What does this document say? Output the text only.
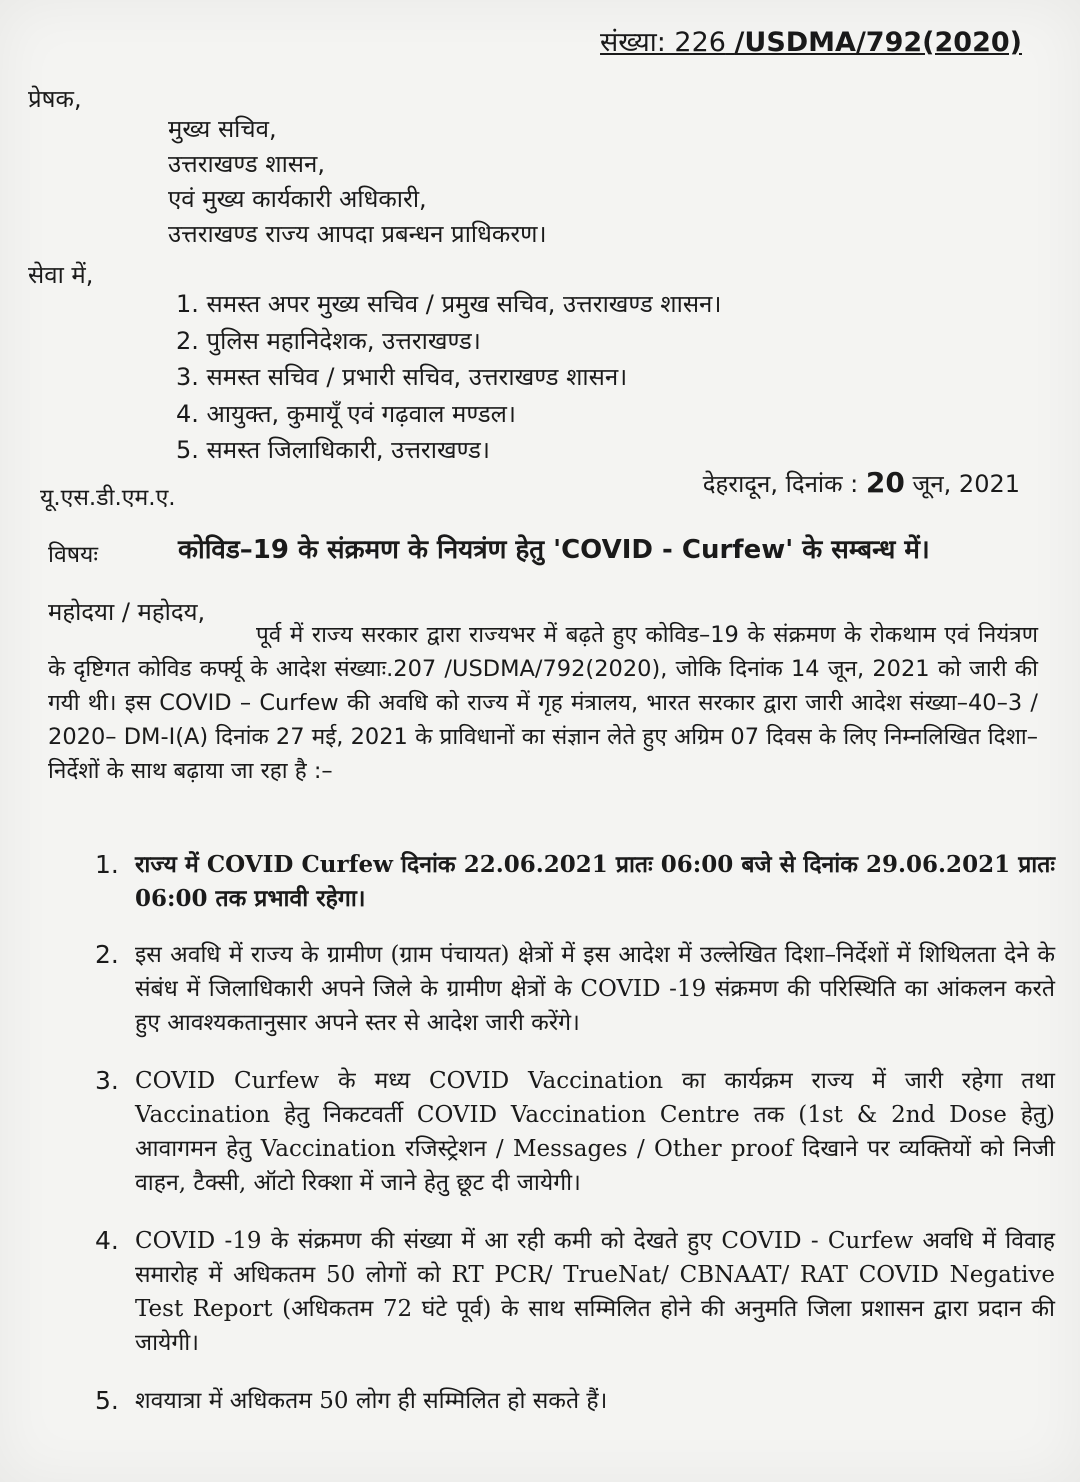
संख्या: 226 /USDMA/792(2020)
प्रेषक,
मुख्य सचिव,
उत्तराखण्ड शासन,
एवं मुख्य कार्यकारी अधिकारी,
उत्तराखण्ड राज्य आपदा प्रबन्धन प्राधिकरण।
सेवा में,
1. समस्त अपर मुख्य सचिव / प्रमुख सचिव, उत्तराखण्ड शासन।
2. पुलिस महानिदेशक, उत्तराखण्ड।
3. समस्त सचिव / प्रभारी सचिव, उत्तराखण्ड शासन।
4. आयुक्त, कुमायूँ एवं गढ़वाल मण्डल।
5. समस्त जिलाधिकारी, उत्तराखण्ड।
यू.एस.डी.एम.ए.	देहरादून, दिनांक : 20 जून, 2021
विषयः	कोविड–19 के संक्रमण के नियत्रंण हेतु 'COVID - Curfew' के सम्बन्ध में।
महोदया / महोदय,

पूर्व में राज्य सरकार द्वारा राज्यभर में बढ़ते हुए कोविड–19 के संक्रमण के रोकथाम एवं नियंत्रण के दृष्टिगत कोविड कर्फ्यू के आदेश संख्याः.207 /USDMA/792(2020), जोकि दिनांक 14 जून, 2021 को जारी की गयी थी। इस COVID – Curfew की अवधि को राज्य में गृह मंत्रालय, भारत सरकार द्वारा जारी आदेश संख्या–40–3 / 2020– DM-I(A) दिनांक 27 मई, 2021 के प्राविधानों का संज्ञान लेते हुए अग्रिम 07 दिवस के लिए निम्नलिखित दिशा–निर्देशों के साथ बढ़ाया जा रहा है :–

1. राज्य में COVID Curfew दिनांक 22.06.2021 प्रातः 06:00 बजे से दिनांक 29.06.2021 प्रातः 06:00 तक प्रभावी रहेगा।
2. इस अवधि में राज्य के ग्रामीण (ग्राम पंचायत) क्षेत्रों में इस आदेश में उल्लेखित दिशा–निर्देशों में शिथिलता देने के संबंध में जिलाधिकारी अपने जिले के ग्रामीण क्षेत्रों के COVID -19 संक्रमण की परिस्थिति का आंकलन करते हुए आवश्यकतानुसार अपने स्तर से आदेश जारी करेंगे।
3. COVID Curfew के मध्य COVID Vaccination का कार्यक्रम राज्य में जारी रहेगा तथा Vaccination हेतु निकटवर्ती COVID Vaccination Centre तक (1st & 2nd Dose हेतु) आवागमन हेतु Vaccination रजिस्ट्रेशन / Messages / Other proof दिखाने पर व्यक्तियों को निजी वाहन, टैक्सी, ऑटो रिक्शा में जाने हेतु छूट दी जायेगी।
4. COVID -19 के संक्रमण की संख्या में आ रही कमी को देखते हुए COVID - Curfew अवधि में विवाह समारोह में अधिकतम 50 लोगों को RT PCR/ TrueNat/ CBNAAT/ RAT COVID Negative Test Report (अधिकतम 72 घंटे पूर्व) के साथ सम्मिलित होने की अनुमति जिला प्रशासन द्वारा प्रदान की जायेगी।
5. शवयात्रा में अधिकतम 50 लोग ही सम्मिलित हो सकते हैं।
